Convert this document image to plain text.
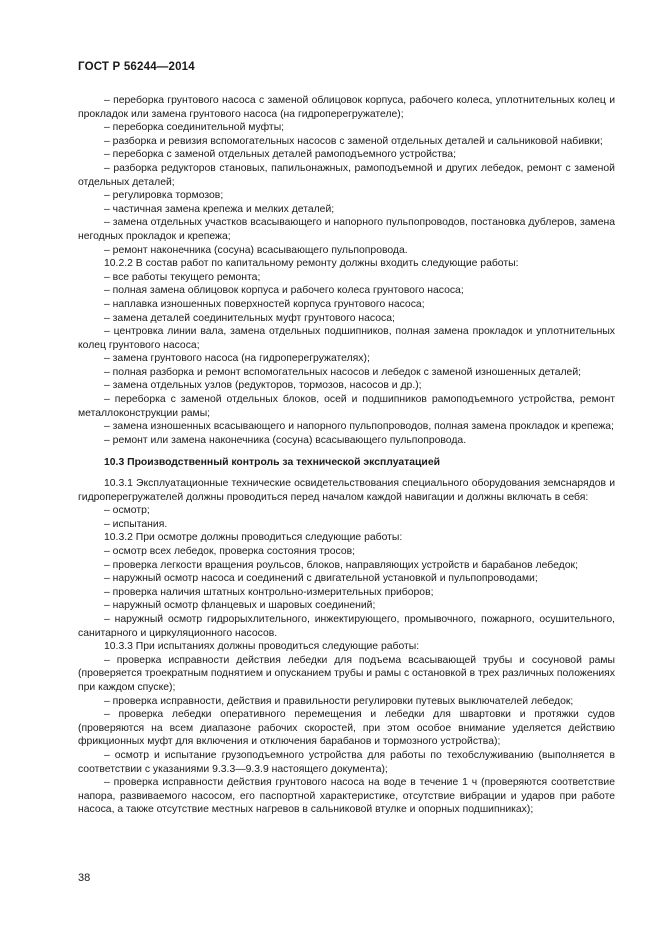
ГОСТ Р 56244—2014

– переборка грунтового насоса с заменой облицовок корпуса, рабочего колеса, уплотнительных колец и прокладок или замена грунтового насоса (на гидроперегружателе);

– переборка соединительной муфты;

– разборка и ревизия вспомогательных насосов с заменой отдельных деталей и сальниковой набивки;

– переборка с заменой отдельных деталей рамоподъемного устройства;

– разборка редукторов становых, папильонажных, рамоподъемной и других лебедок, ремонт с заменой отдельных деталей;

– регулировка тормозов;

– частичная замена крепежа и мелких деталей;

– замена отдельных участков всасывающего и напорного пульпопроводов, постановка дублеров, замена негодных прокладок и крепежа;

– ремонт наконечника (сосуна) всасывающего пульпопровода.

10.2.2 В состав работ по капитальному ремонту должны входить следующие работы:

– все работы текущего ремонта;

– полная замена облицовок корпуса и рабочего колеса грунтового насоса;

– наплавка изношенных поверхностей корпуса грунтового насоса;

– замена деталей соединительных муфт грунтового насоса;

– центровка линии вала, замена отдельных подшипников, полная замена прокладок и уплотнительных колец грунтового насоса;

– замена грунтового насоса (на гидроперегружателях);

– полная разборка и ремонт вспомогательных насосов и лебедок с заменой изношенных деталей;

– замена отдельных узлов (редукторов, тормозов, насосов и др.);

– переборка с заменой отдельных блоков, осей и подшипников рамоподъемного устройства, ремонт металлоконструкции рамы;

– замена изношенных всасывающего и напорного пульпопроводов, полная замена прокладок и крепежа;

– ремонт или замена наконечника (сосуна) всасывающего пульпопровода.

10.3 Производственный контроль за технической эксплуатацией

10.3.1 Эксплуатационные технические освидетельствования специального оборудования земснарядов и гидроперегружателей должны проводиться перед началом каждой навигации и должны включать в себя:

– осмотр;

– испытания.

10.3.2 При осмотре должны проводиться следующие работы:

– осмотр всех лебедок, проверка состояния тросов;

– проверка легкости вращения роульсов, блоков, направляющих устройств и барабанов лебедок;

– наружный осмотр насоса и соединений с двигательной установкой и пульпопроводами;

– проверка наличия штатных контрольно-измерительных приборов;

– наружный осмотр фланцевых и шаровых соединений;

– наружный осмотр гидрорыхлительного, инжектирующего, промывочного, пожарного, осушительного, санитарного и циркуляционного насосов.

10.3.3 При испытаниях должны проводиться следующие работы:

– проверка исправности действия лебедки для подъема всасывающей трубы и сосуновой рамы (проверяется троекратным поднятием и опусканием трубы и рамы с остановкой в трех различных положениях при каждом спуске);

– проверка исправности, действия и правильности регулировки путевых выключателей лебедок;

– проверка лебедки оперативного перемещения и лебедки для швартовки и протяжки судов (проверяются на всем диапазоне рабочих скоростей, при этом особое внимание уделяется действию фрикционных муфт для включения и отключения барабанов и тормозного устройства);

– осмотр и испытание грузоподъемного устройства для работы по техобслуживанию (выполняется в соответствии с указаниями 9.3.3—9.3.9 настоящего документа);

– проверка исправности действия грунтового насоса на воде в течение 1 ч (проверяются соответствие напора, развиваемого насосом, его паспортной характеристике, отсутствие вибрации и ударов при работе насоса, а также отсутствие местных нагревов в сальниковой втулке и опорных подшипниках);

38
